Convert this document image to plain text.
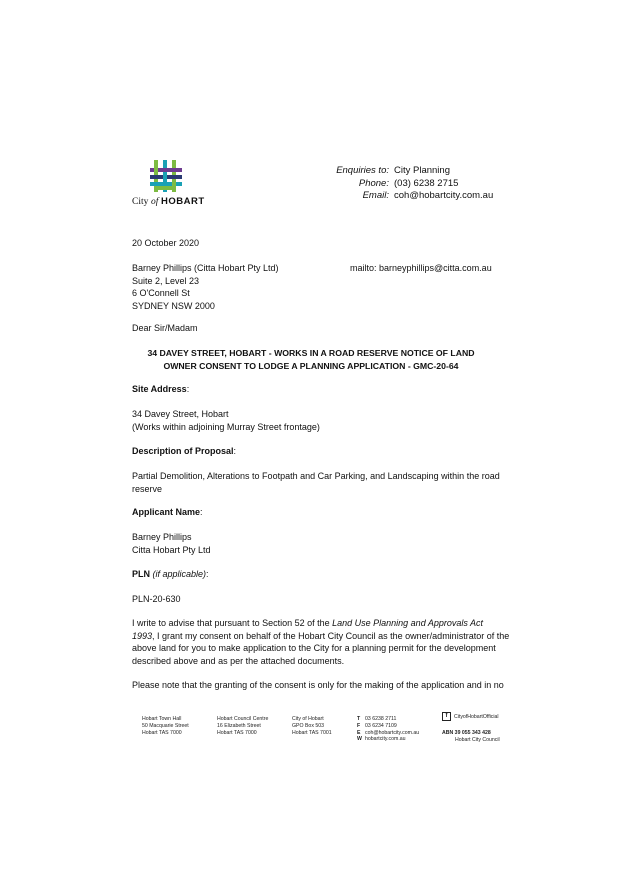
City of HOBART
Enquiries to:
Phone:
Email:
City Planning
(03) 6238 2715
coh@hobartcity.com.au
20 October 2020
Barney Phillips (Citta Hobart Pty Ltd)
Suite 2, Level 23
6 O'Connell St
SYDNEY NSW 2000
mailto: barneyphillips@citta.com.au
Dear Sir/Madam
34 DAVEY STREET, HOBART - WORKS IN A ROAD RESERVE NOTICE OF LAND
OWNER CONSENT TO LODGE A PLANNING APPLICATION - GMC-20-64
Site Address:
34 Davey Street, Hobart
(Works within adjoining Murray Street frontage)
Description of Proposal:
Partial Demolition, Alterations to Footpath and Car Parking, and Landscaping within the road
reserve
Applicant Name:
Barney Phillips
Citta Hobart Pty Ltd
PLN (if applicable):
PLN-20-630
I write to advise that pursuant to Section 52 of the Land Use Planning and Approvals Act
1993, I grant my consent on behalf of the Hobart City Council as the owner/administrator of the
above land for you to make application to the City for a planning permit for the development
described above and as per the attached documents.
Please note that the granting of the consent is only for the making of the application and in no
Hobart Town Hall
50 Macquarie Street
Hobart TAS 7000
Hobart Council Centre
16 Elizabeth Street
Hobart TAS 7000
City of Hobart
GPO Box 503
Hobart TAS 7001
T
F
E
W
03 6238 2711
03 6234 7109
coh@hobartcity.com.au
hobartcity.com.au
f CityofHobartOfficial
ABN 39 055 343 428
Hobart City Council
